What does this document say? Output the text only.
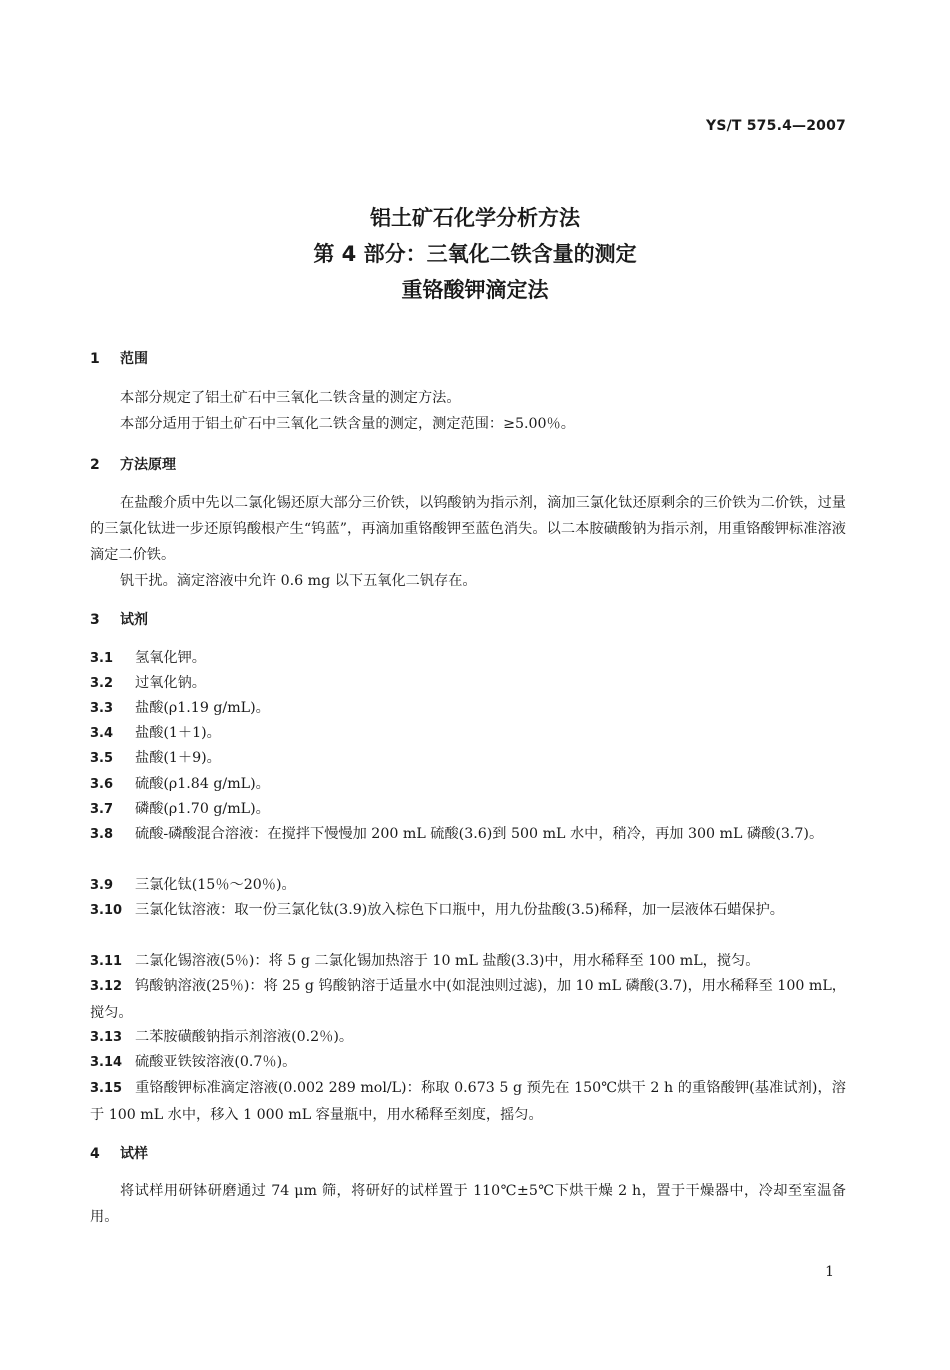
YS/T 575.4—2007
铝土矿石化学分析方法
第 4 部分：三氧化二铁含量的测定
重铬酸钾滴定法
1 范围
本部分规定了铝土矿石中三氧化二铁含量的测定方法。
本部分适用于铝土矿石中三氧化二铁含量的测定，测定范围：≥5.00％。
2 方法原理
在盐酸介质中先以二氯化锡还原大部分三价铁，以钨酸钠为指示剂，滴加三氯化钛还原剩余的三价铁为二价铁，过量的三氯化钛进一步还原钨酸根产生“钨蓝”，再滴加重铬酸钾至蓝色消失。以二本胺磺酸钠为指示剂，用重铬酸钾标准溶液滴定二价铁。
钒干扰。滴定溶液中允许 0.6 mg 以下五氧化二钒存在。
3 试剂
3.1 氢氧化钾。
3.2 过氧化钠。
3.3 盐酸(ρ1.19 g/mL)。
3.4 盐酸(1＋1)。
3.5 盐酸(1＋9)。
3.6 硫酸(ρ1.84 g/mL)。
3.7 磷酸(ρ1.70 g/mL)。
3.8 硫酸-磷酸混合溶液：在搅拌下慢慢加 200 mL 硫酸(3.6)到 500 mL 水中，稍冷，再加 300 mL 磷酸(3.7)。
3.9 三氯化钛(15％～20％)。
3.10 三氯化钛溶液：取一份三氯化钛(3.9)放入棕色下口瓶中，用九份盐酸(3.5)稀释，加一层液体石蜡保护。
3.11 二氯化锡溶液(5％)：将 5 g 二氯化锡加热溶于 10 mL 盐酸(3.3)中，用水稀释至 100 mL，搅匀。
3.12 钨酸钠溶液(25％)：将 25 g 钨酸钠溶于适量水中(如混浊则过滤)，加 10 mL 磷酸(3.7)，用水稀释至 100 mL，搅匀。
3.13 二苯胺磺酸钠指示剂溶液(0.2％)。
3.14 硫酸亚铁铵溶液(0.7％)。
3.15 重铬酸钾标准滴定溶液(0.002 289 mol/L)：称取 0.673 5 g 预先在 150℃烘干 2 h 的重铬酸钾(基准试剂)，溶于 100 mL 水中，移入 1 000 mL 容量瓶中，用水稀释至刻度，摇匀。
4 试样
将试样用研钵研磨通过 74 μm 筛，将研好的试样置于 110℃±5℃下烘干燥 2 h，置于干燥器中，冷却至室温备用。
1
